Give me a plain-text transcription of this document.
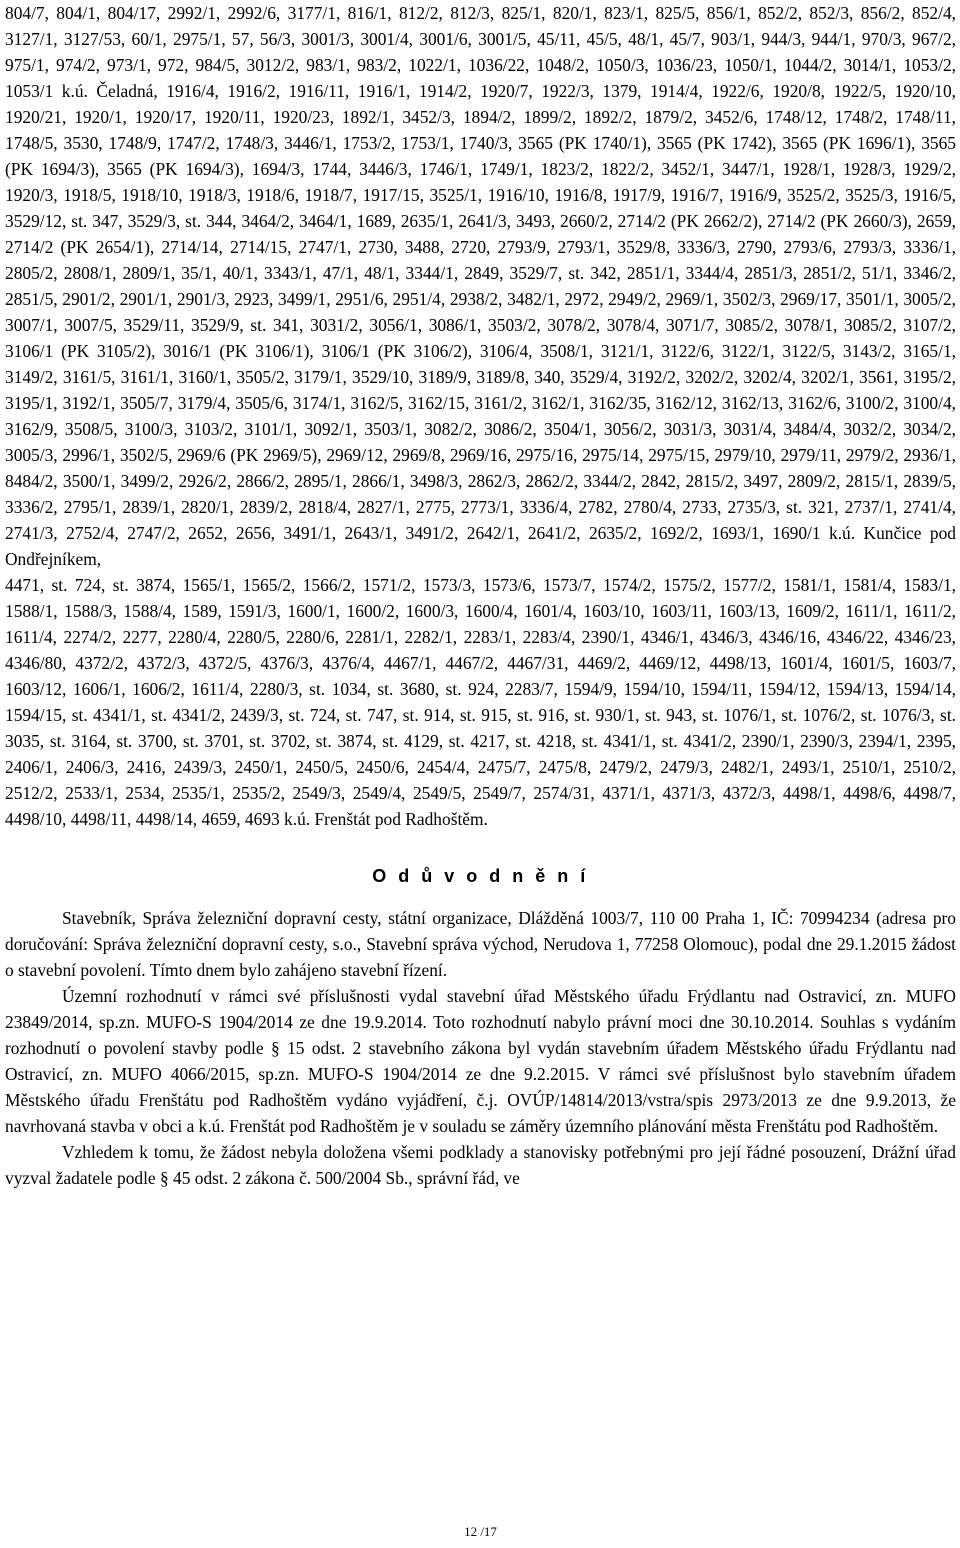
804/7, 804/1, 804/17, 2992/1, 2992/6, 3177/1, 816/1, 812/2, 812/3, 825/1, 820/1, 823/1, 825/5, 856/1, 852/2, 852/3, 856/2, 852/4, 3127/1, 3127/53, 60/1, 2975/1, 57, 56/3, 3001/3, 3001/4, 3001/6, 3001/5, 45/11, 45/5, 48/1, 45/7, 903/1, 944/3, 944/1, 970/3, 967/2, 975/1, 974/2, 973/1, 972, 984/5, 3012/2, 983/1, 983/2, 1022/1, 1036/22, 1048/2, 1050/3, 1036/23, 1050/1, 1044/2, 3014/1, 1053/2, 1053/1 k.ú. Čeladná, 1916/4, 1916/2, 1916/11, 1916/1, 1914/2, 1920/7, 1922/3, 1379, 1914/4, 1922/6, 1920/8, 1922/5, 1920/10, 1920/21, 1920/1, 1920/17, 1920/11, 1920/23, 1892/1, 3452/3, 1894/2, 1899/2, 1892/2, 1879/2, 3452/6, 1748/12, 1748/2, 1748/11, 1748/5, 3530, 1748/9, 1747/2, 1748/3, 3446/1, 1753/2, 1753/1, 1740/3, 3565 (PK 1740/1), 3565 (PK 1742), 3565 (PK 1696/1), 3565 (PK 1694/3), 3565 (PK 1694/3), 1694/3, 1744, 3446/3, 1746/1, 1749/1, 1823/2, 1822/2, 3452/1, 3447/1, 1928/1, 1928/3, 1929/2, 1920/3, 1918/5, 1918/10, 1918/3, 1918/6, 1918/7, 1917/15, 3525/1, 1916/10, 1916/8, 1917/9, 1916/7, 1916/9, 3525/2, 3525/3, 1916/5, 3529/12, st. 347, 3529/3, st. 344, 3464/2, 3464/1, 1689, 2635/1, 2641/3, 3493, 2660/2, 2714/2 (PK 2662/2), 2714/2 (PK 2660/3), 2659, 2714/2 (PK 2654/1), 2714/14, 2714/15, 2747/1, 2730, 3488, 2720, 2793/9, 2793/1, 3529/8, 3336/3, 2790, 2793/6, 2793/3, 3336/1, 2805/2, 2808/1, 2809/1, 35/1, 40/1, 3343/1, 47/1, 48/1, 3344/1, 2849, 3529/7, st. 342, 2851/1, 3344/4, 2851/3, 2851/2, 51/1, 3346/2, 2851/5, 2901/2, 2901/1, 2901/3, 2923, 3499/1, 2951/6, 2951/4, 2938/2, 3482/1, 2972, 2949/2, 2969/1, 3502/3, 2969/17, 3501/1, 3005/2, 3007/1, 3007/5, 3529/11, 3529/9, st. 341, 3031/2, 3056/1, 3086/1, 3503/2, 3078/2, 3078/4, 3071/7, 3085/2, 3078/1, 3085/2, 3107/2, 3106/1 (PK 3105/2), 3016/1 (PK 3106/1), 3106/1 (PK 3106/2), 3106/4, 3508/1, 3121/1, 3122/6, 3122/1, 3122/5, 3143/2, 3165/1, 3149/2, 3161/5, 3161/1, 3160/1, 3505/2, 3179/1, 3529/10, 3189/9, 3189/8, 340, 3529/4, 3192/2, 3202/2, 3202/4, 3202/1, 3561, 3195/2, 3195/1, 3192/1, 3505/7, 3179/4, 3505/6, 3174/1, 3162/5, 3162/15, 3161/2, 3162/1, 3162/35, 3162/12, 3162/13, 3162/6, 3100/2, 3100/4, 3162/9, 3508/5, 3100/3, 3103/2, 3101/1, 3092/1, 3503/1, 3082/2, 3086/2, 3504/1, 3056/2, 3031/3, 3031/4, 3484/4, 3032/2, 3034/2, 3005/3, 2996/1, 3502/5, 2969/6 (PK 2969/5), 2969/12, 2969/8, 2969/16, 2975/16, 2975/14, 2975/15, 2979/10, 2979/11, 2979/2, 2936/1, 8484/2, 3500/1, 3499/2, 2926/2, 2866/2, 2895/1, 2866/1, 3498/3, 2862/3, 2862/2, 3344/2, 2842, 2815/2, 3497, 2809/2, 2815/1, 2839/5, 3336/2, 2795/1, 2839/1, 2820/1, 2839/2, 2818/4, 2827/1, 2775, 2773/1, 3336/4, 2782, 2780/4, 2733, 2735/3, st. 321, 2737/1, 2741/4, 2741/3, 2752/4, 2747/2, 2652, 2656, 3491/1, 2643/1, 3491/2, 2642/1, 2641/2, 2635/2, 1692/2, 1693/1, 1690/1 k.ú. Kunčice pod Ondřejníkem,

4471, st. 724, st. 3874, 1565/1, 1565/2, 1566/2, 1571/2, 1573/3, 1573/6, 1573/7, 1574/2, 1575/2, 1577/2, 1581/1, 1581/4, 1583/1, 1588/1, 1588/3, 1588/4, 1589, 1591/3, 1600/1, 1600/2, 1600/3, 1600/4, 1601/4, 1603/10, 1603/11, 1603/13, 1609/2, 1611/1, 1611/2, 1611/4, 2274/2, 2277, 2280/4, 2280/5, 2280/6, 2281/1, 2282/1, 2283/1, 2283/4, 2390/1, 4346/1, 4346/3, 4346/16, 4346/22, 4346/23, 4346/80, 4372/2, 4372/3, 4372/5, 4376/3, 4376/4, 4467/1, 4467/2, 4467/31, 4469/2, 4469/12, 4498/13, 1601/4, 1601/5, 1603/7, 1603/12, 1606/1, 1606/2, 1611/4, 2280/3, st. 1034, st. 3680, st. 924, 2283/7, 1594/9, 1594/10, 1594/11, 1594/12, 1594/13, 1594/14, 1594/15, st. 4341/1, st. 4341/2, 2439/3, st. 724, st. 747, st. 914, st. 915, st. 916, st. 930/1, st. 943, st. 1076/1, st. 1076/2, st. 1076/3, st. 3035, st. 3164, st. 3700, st. 3701, st. 3702, st. 3874, st. 4129, st. 4217, st. 4218, st. 4341/1, st. 4341/2, 2390/1, 2390/3, 2394/1, 2395, 2406/1, 2406/3, 2416, 2439/3, 2450/1, 2450/5, 2450/6, 2454/4, 2475/7, 2475/8, 2479/2, 2479/3, 2482/1, 2493/1, 2510/1, 2510/2, 2512/2, 2533/1, 2534, 2535/1, 2535/2, 2549/3, 2549/4, 2549/5, 2549/7, 2574/31, 4371/1, 4371/3, 4372/3, 4498/1, 4498/6, 4498/7, 4498/10, 4498/11, 4498/14, 4659, 4693 k.ú. Frenštát pod Radhoštěm.

O d ů v o d n ě n í

Stavebník, Správa železniční dopravní cesty, státní organizace, Dlážděná 1003/7, 110 00 Praha 1, IČ: 70994234 (adresa pro doručování: Správa železniční dopravní cesty, s.o., Stavební správa východ, Nerudova 1, 77258 Olomouc), podal dne 29.1.2015 žádost o stavební povolení. Tímto dnem bylo zahájeno stavební řízení.

Územní rozhodnutí v rámci své příslušnosti vydal stavební úřad Městského úřadu Frýdlantu nad Ostravicí, zn. MUFO 23849/2014, sp.zn. MUFO-S 1904/2014 ze dne 19.9.2014. Toto rozhodnutí nabylo právní moci dne 30.10.2014. Souhlas s vydáním rozhodnutí o povolení stavby podle § 15 odst. 2 stavebního zákona byl vydán stavebním úřadem Městského úřadu Frýdlantu nad Ostravicí, zn. MUFO 4066/2015, sp.zn. MUFO-S 1904/2014 ze dne 9.2.2015. V rámci své příslušnost bylo stavebním úřadem Městského úřadu Frenštátu pod Radhoštěm vydáno vyjádření, č.j. OVÚP/14814/2013/vstra/spis 2973/2013 ze dne 9.9.2013, že navrhovaná stavba v obci a k.ú. Frenštát pod Radhoštěm je v souladu se záměry územního plánování města Frenštátu pod Radhoštěm.

Vzhledem k tomu, že žádost nebyla doložena všemi podklady a stanovisky potřebnými pro její řádné posouzení, Drážní úřad vyzval žadatele podle § 45 odst. 2 zákona č. 500/2004 Sb., správní řád, ve

12 /17
